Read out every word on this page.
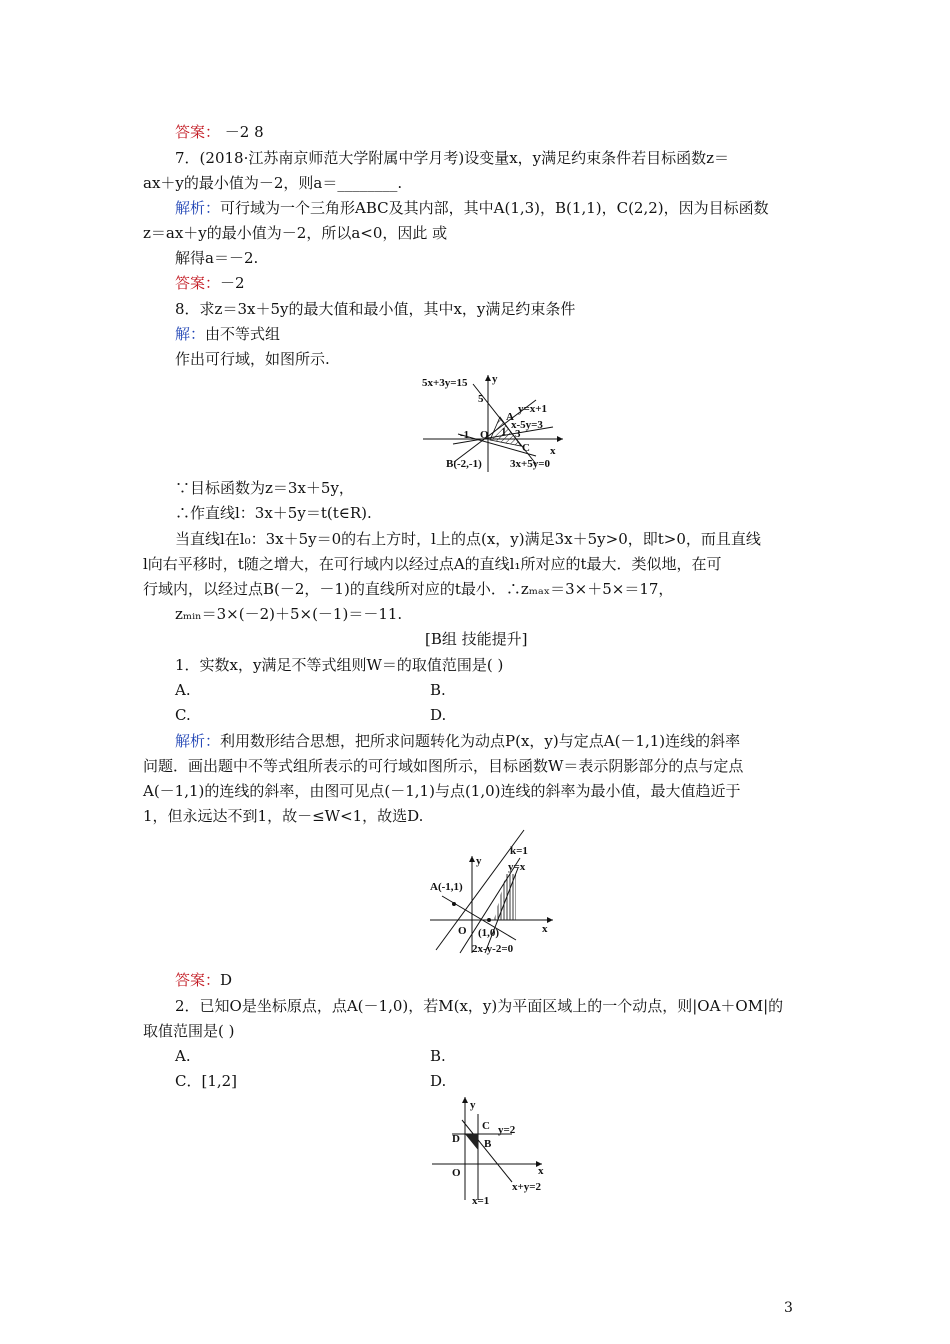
答案： －2 8
7．(2018·江苏南京师范大学附属中学月考)设变量x，y满足约束条件若目标函数z＝
ax＋y的最小值为－2，则a＝________.
解析：可行域为一个三角形ABC及其内部，其中A(1,3)，B(1,1)，C(2,2)，因为目标函数
z＝ax＋y的最小值为－2，所以a<0，因此 或
解得a＝－2.
答案：－2
8．求z＝3x＋5y的最大值和最小值，其中x，y满足约束条件
解：由不等式组
作出可行域，如图所示.
∵目标函数为z＝3x＋5y，
∴作直线l：3x＋5y＝t(t∈R).
当直线l在l₀：3x＋5y＝0的右上方时，l上的点(x，y)满足3x＋5y>0，即t>0，而且直线
l向右平移时，t随之增大，在可行域内以经过点A的直线l₁所对应的t最大．类似地，在可
行域内，以经过点B(－2，－1)的直线所对应的t最小．∴zₘₐₓ＝3×＋5×＝17，
zₘᵢₙ＝3×(－2)＋5×(－1)＝－11.
[B组 技能提升]
1．实数x，y满足不等式组则W＝的取值范围是( )
A.	B.
C.	D.
解析：利用数形结合思想，把所求问题转化为动点P(x，y)与定点A(－1,1)连线的斜率
问题．画出题中不等式组所表示的可行域如图所示，目标函数W＝表示阴影部分的点与定点
A(－1,1)的连线的斜率，由图可见点(－1,1)与点(1,0)连线的斜率为最小值，最大值趋近于
1，但永远达不到1，故－≤W<1，故选D.
答案：D
2．已知O是坐标原点，点A(－1,0)，若M(x，y)为平面区域上的一个动点，则|OA＋OM|的
取值范围是( )
A.	B.
C．[1,2]	D.
5x+3y=15 y
5
y=x+1
A
x-5y=3
-1 O 1 3
C x
B(-2,-1)	3x+5y=0
y
k=1
y=x
A(-1,1)
O (1,0)	x
2x-y-2=0
y
C y=2
D B
O	x
x+y=2
x=1
3
